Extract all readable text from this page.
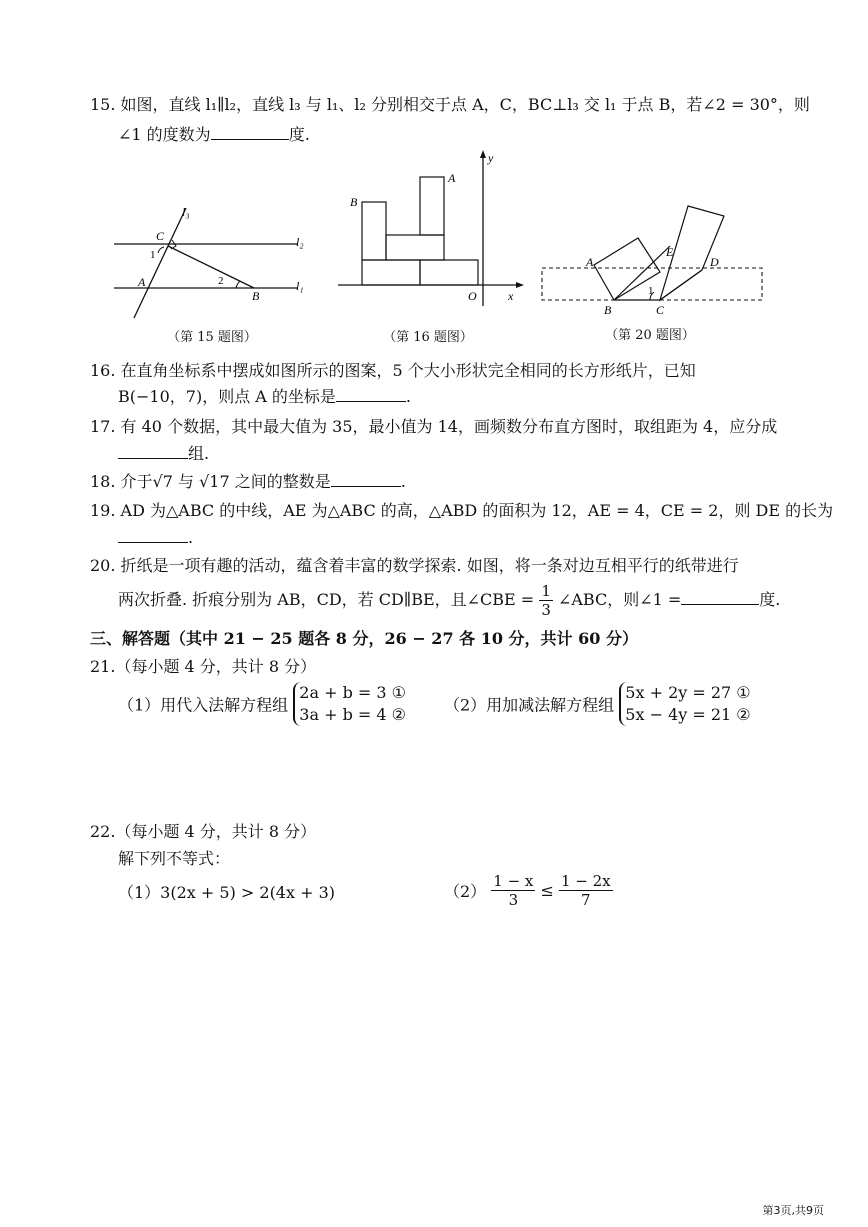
15. 如图，直线 l₁∥l₂，直线 l₃ 与 l₁、l₂ 分别相交于点 A，C，BC⊥l₃ 交 l₁ 于点 B，若∠2 = 30°，则
∠1 的度数为	度.
l₃
l₂
l₁
C
A
B
1
2
（第 15 题图）
B
A
O	x
y
（第 16 题图）
A
B	C
D
E
1
（第 20 题图）
16. 在直角坐标系中摆成如图所示的图案，5 个大小形状完全相同的长方形纸片，已知
B(−10，7)，则点 A 的坐标是	.
17. 有 40 个数据，其中最大值为 35，最小值为 14，画频数分布直方图时，取组距为 4，应分成
组.
18. 介于√7 与 √17 之间的整数是	.
19. AD 为△ABC 的中线，AE 为△ABC 的高，△ABD 的面积为 12，AE = 4，CE = 2，则 DE 的长为
.
20. 折纸是一项有趣的活动，蕴含着丰富的数学探索. 如图，将一条对边互相平行的纸带进行
两次折叠. 折痕分别为 AB，CD，若 CD∥BE，且∠CBE = $\frac{1}{3}$ ∠ABC，则∠1 =	度.
三、解答题（其中 21 − 25 题各 8 分，26 − 27 各 10 分，共计 60 分）
21.（每小题 4 分，共计 8 分）
（1）用代入法解方程组
2a + b = 3 ①
3a + b = 4 ② （2）用加减法解方程组
5x + 2y = 27 ①
5x − 4y = 21 ②
22.（每小题 4 分，共计 8 分）
解下列不等式：
（1）3(2x + 5) > 2(4x + 3)	$(2) \frac{1 - x}{3} \le \frac{1 - 2x}{7}$
第3页,共9页
